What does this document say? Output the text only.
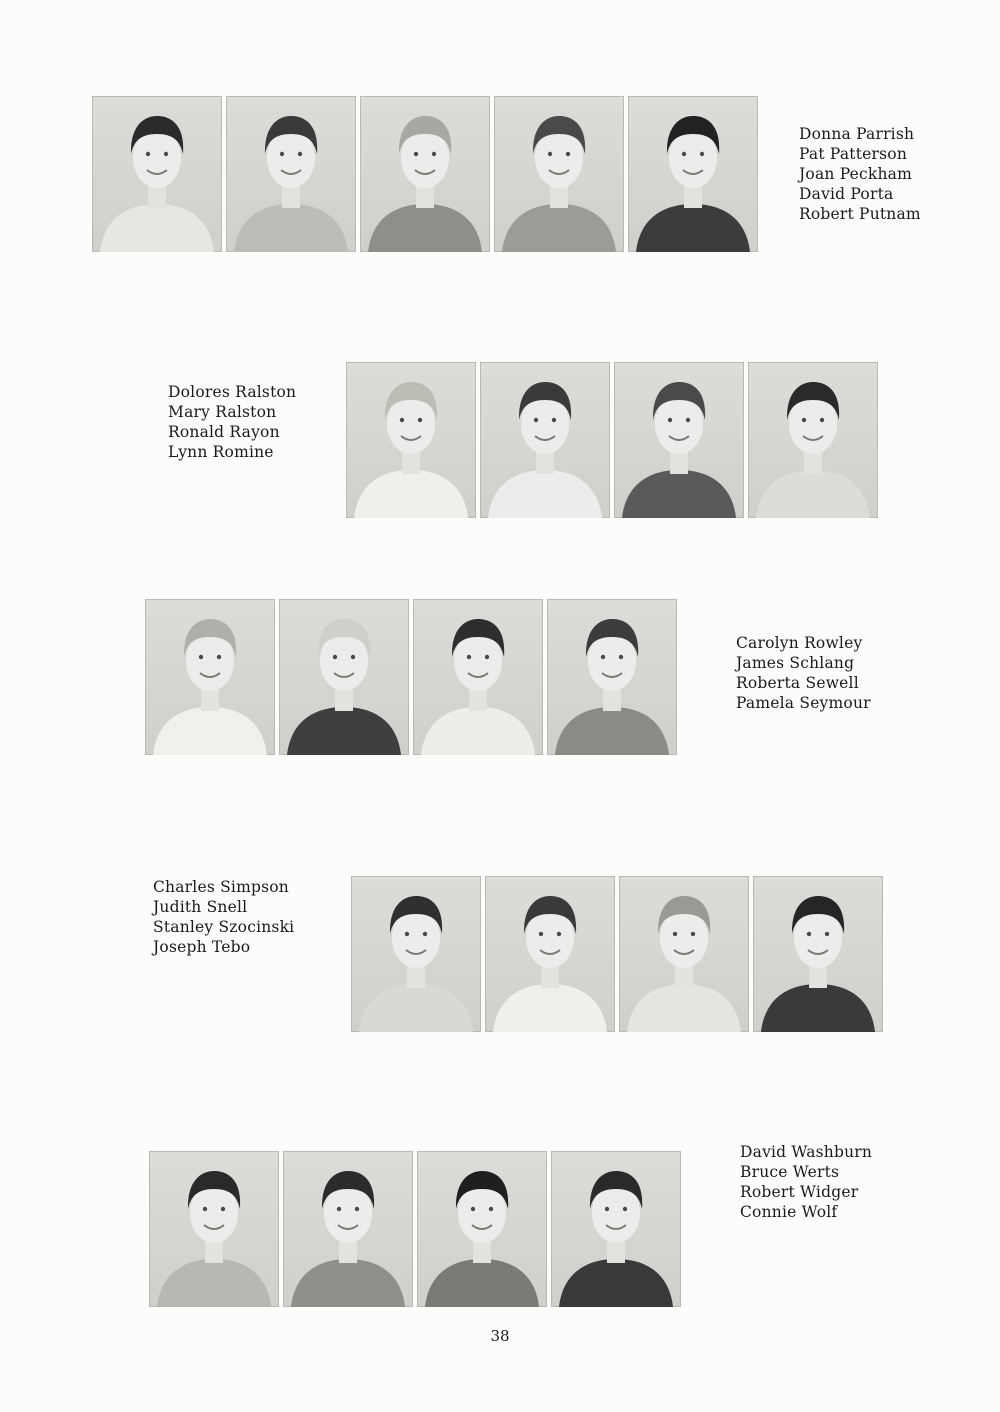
Donna Parrish
Pat Patterson
Joan Peckham
David Porta
Robert Putnam
Dolores Ralston
Mary Ralston
Ronald Rayon
Lynn Romine
Carolyn Rowley
James Schlang
Roberta Sewell
Pamela Seymour
Charles Simpson
Judith Snell
Stanley Szocinski
Joseph Tebo
David Washburn
Bruce Werts
Robert Widger
Connie Wolf
38
